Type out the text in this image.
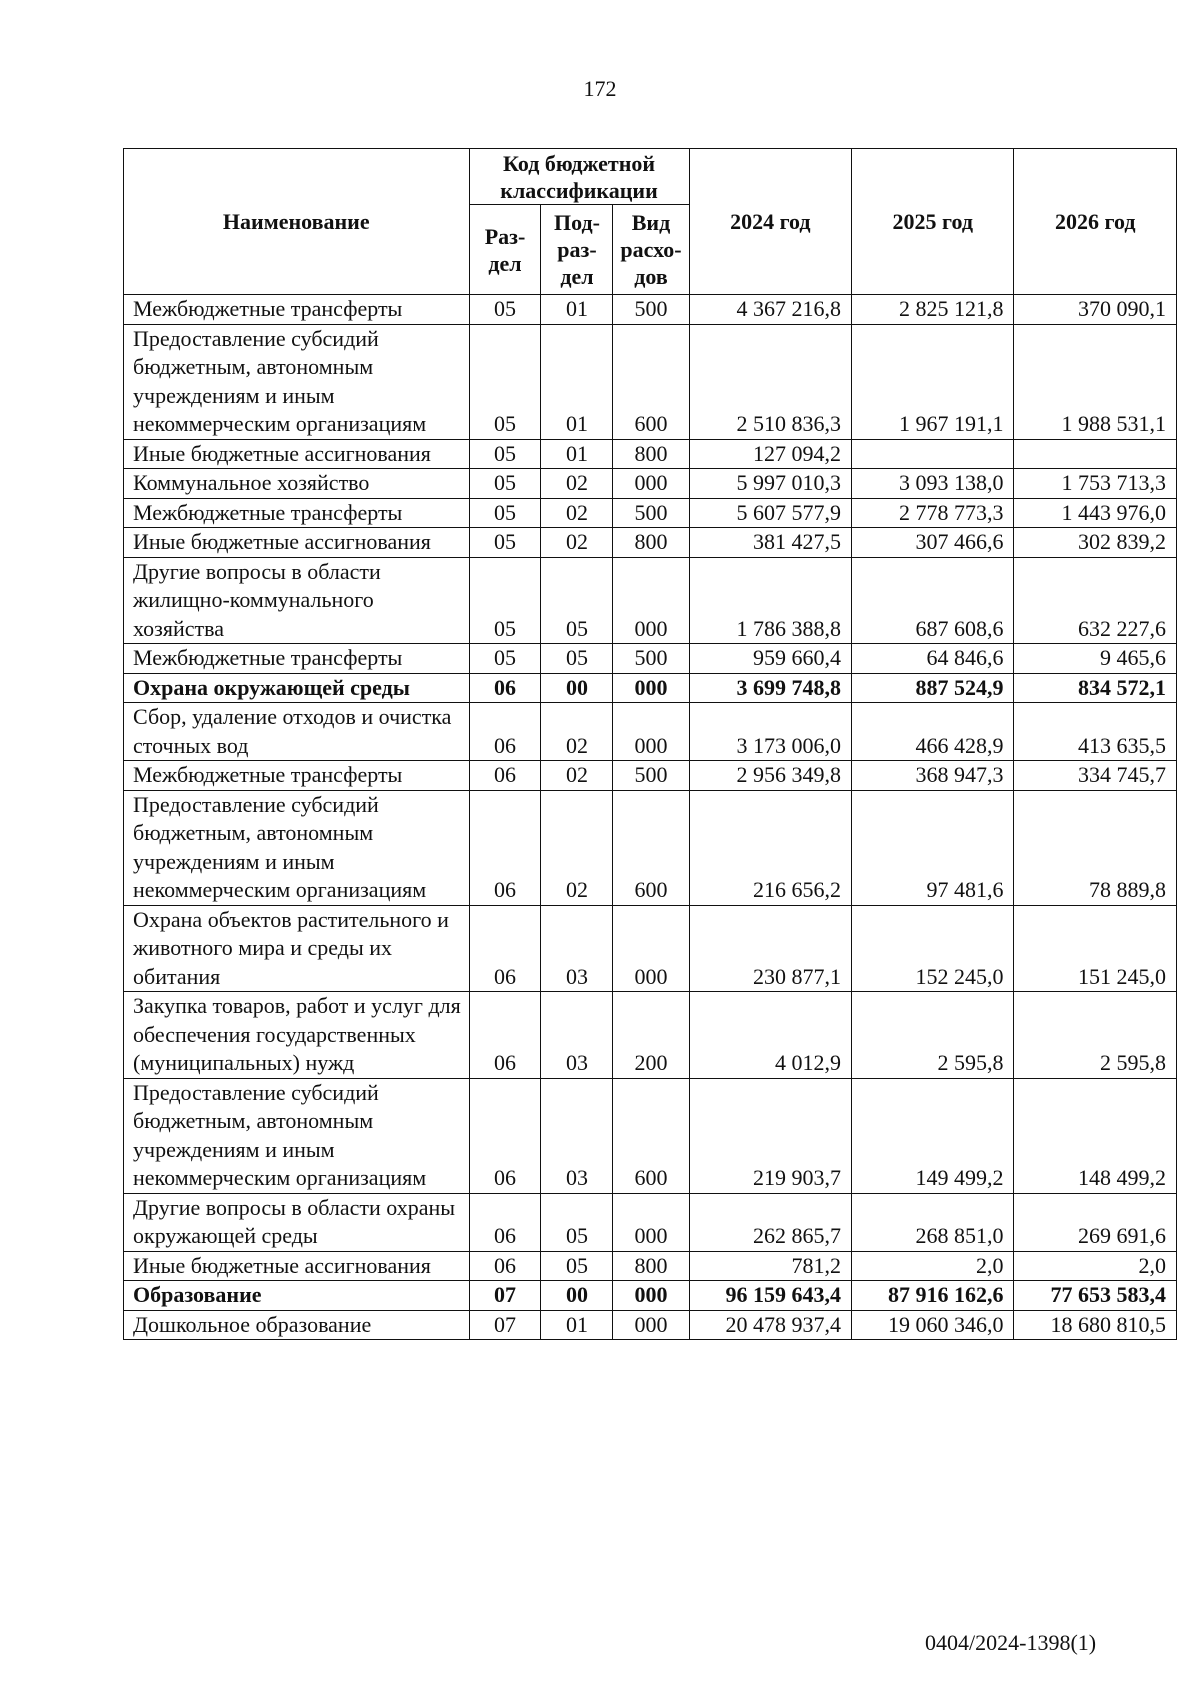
172
Наименование	Код бюджетной классификации			2024 год	2025 год	2026 год
	Раз-дел	Под-раз-дел	Вид расхо-дов			
Межбюджетные трансферты	05	01	500	4 367 216,8	2 825 121,8	370 090,1
Предоставление субсидий бюджетным, автономным учреждениям и иным некоммерческим организациям	05	01	600	2 510 836,3	1 967 191,1	1 988 531,1
Иные бюджетные ассигнования	05	01	800	127 094,2		
Коммунальное хозяйство	05	02	000	5 997 010,3	3 093 138,0	1 753 713,3
Межбюджетные трансферты	05	02	500	5 607 577,9	2 778 773,3	1 443 976,0
Иные бюджетные ассигнования	05	02	800	381 427,5	307 466,6	302 839,2
Другие вопросы в области жилищно-коммунального хозяйства	05	05	000	1 786 388,8	687 608,6	632 227,6
Межбюджетные трансферты	05	05	500	959 660,4	64 846,6	9 465,6
Охрана окружающей среды	06	00	000	3 699 748,8	887 524,9	834 572,1
Сбор, удаление отходов и очистка сточных вод	06	02	000	3 173 006,0	466 428,9	413 635,5
Межбюджетные трансферты	06	02	500	2 956 349,8	368 947,3	334 745,7
Предоставление субсидий бюджетным, автономным учреждениям и иным некоммерческим организациям	06	02	600	216 656,2	97 481,6	78 889,8
Охрана объектов растительного и животного мира и среды их обитания	06	03	000	230 877,1	152 245,0	151 245,0
Закупка товаров, работ и услуг для обеспечения государственных (муниципальных) нужд	06	03	200	4 012,9	2 595,8	2 595,8
Предоставление субсидий бюджетным, автономным учреждениям и иным некоммерческим организациям	06	03	600	219 903,7	149 499,2	148 499,2
Другие вопросы в области охраны окружающей среды	06	05	000	262 865,7	268 851,0	269 691,6
Иные бюджетные ассигнования	06	05	800	781,2	2,0	2,0
Образование	07	00	000	96 159 643,4	87 916 162,6	77 653 583,4
Дошкольное образование	07	01	000	20 478 937,4	19 060 346,0	18 680 810,5
0404/2024-1398(1)
